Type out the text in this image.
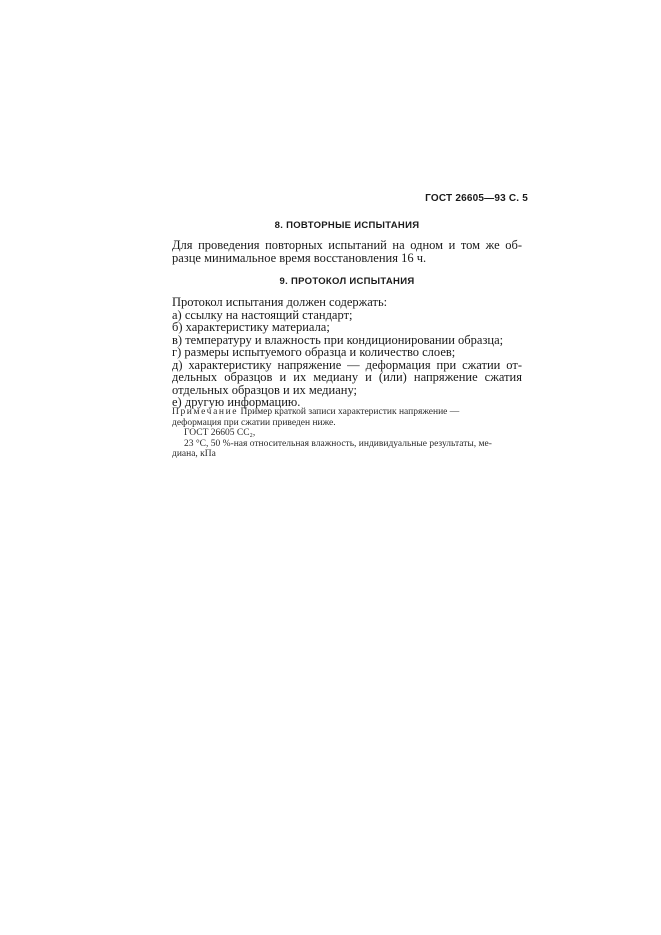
ГОСТ 26605—93 С. 5
8. ПОВТОРНЫЕ ИСПЫТАНИЯ
Для проведения повторных испытаний на одном и том же об-
разце минимальное время восстановления 16 ч.
9. ПРОТОКОЛ ИСПЫТАНИЯ
Протокол испытания должен содержать:
а) ссылку на настоящий стандарт;
б) характеристику материала;
в) температуру и влажность при кондиционировании образца;
г) размеры испытуемого образца и количество слоев;
д) характеристику напряжение — деформация при сжатии от-
дельных образцов и их медиану и (или) напряжение сжатия
отдельных образцов и их медиану;
е) другую информацию.
Примечание Пример краткой записи характеристик напряжение —
деформация при сжатии приведен ниже.
ГОСТ 26605 СС₂,
23 °С, 50 %-ная относительная влажность, индивидуальные результаты, ме-
диана, кПа
